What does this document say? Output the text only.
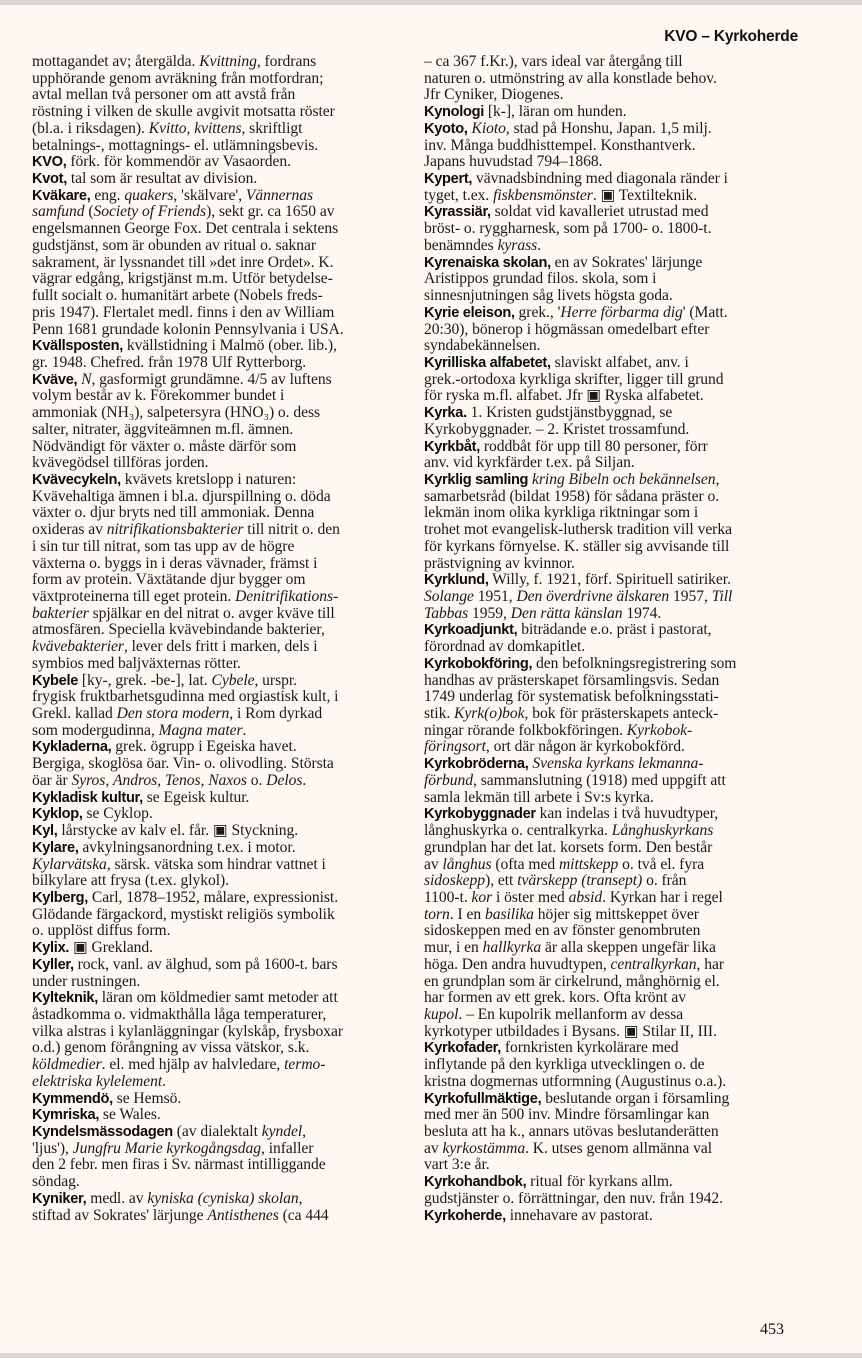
KVO – Kyrkoherde
mottagandet av; återgälda. Kvittning, fordrans
upphörande genom avräkning från motfordran;
avtal mellan två personer om att avstå från
röstning i vilken de skulle avgivit motsatta röster
(bl.a. i riksdagen). Kvitto, kvittens, skriftligt
betalnings-, mottagnings- el. utlämningsbevis.
KVO, förk. för kommendör av Vasaorden.
Kvot, tal som är resultat av division.
Kväkare, eng. quakers, 'skälvare', Vännernas
samfund (Society of Friends), sekt gr. ca 1650 av
engelsmannen George Fox. Det centrala i sektens
gudstjänst, som är obunden av ritual o. saknar
sakrament, är lyssnandet till »det inre Ordet». K.
vägrar edgång, krigstjänst m.m. Utför betydelse-
fullt socialt o. humanitärt arbete (Nobels freds-
pris 1947). Flertalet medl. finns i den av William
Penn 1681 grundade kolonin Pennsylvania i USA.
Kvällsposten, kvällstidning i Malmö (ober. lib.),
gr. 1948. Chefred. från 1978 Ulf Rytterborg.
Kväve, N, gasformigt grundämne. 4/5 av luftens
volym består av k. Förekommer bundet i
ammoniak (NH₃), salpetersyra (HNO₃) o. dess
salter, nitrater, äggviteämnen m.fl. ämnen.
Nödvändigt för växter o. måste därför som
kvävegödsel tillföras jorden.
Kvävecykeln, kvävets kretslopp i naturen:
Kvävehaltiga ämnen i bl.a. djurspillning o. döda
växter o. djur bryts ned till ammoniak. Denna
oxideras av nitrifikationsbakterier till nitrit o. den
i sin tur till nitrat, som tas upp av de högre
växterna o. byggs in i deras vävnader, främst i
form av protein. Växtätande djur bygger om
växtproteinerna till eget protein. Denitrifikations-
bakterier spjälkar en del nitrat o. avger kväve till
atmosfären. Speciella kvävebindande bakterier,
kvävebakterier, lever dels fritt i marken, dels i
symbios med baljväxternas rötter.
Kybele [ky-, grek. -be-], lat. Cybele, urspr.
frygisk fruktbarhetsgudinna med orgiastisk kult, i
Grekl. kallad Den stora modern, i Rom dyrkad
som modergudinna, Magna mater.
Kykladerna, grek. ögrupp i Egeiska havet.
Bergiga, skoglösa öar. Vin- o. olivodling. Största
öar är Syros, Andros, Tenos, Naxos o. Delos.
Kykladisk kultur, se Egeisk kultur.
Kyklop, se Cyklop.
Kyl, lårstycke av kalv el. får. ▣ Styckning.
Kylare, avkylningsanordning t.ex. i motor.
Kylarvätska, särsk. vätska som hindrar vattnet i
bilkylare att frysa (t.ex. glykol).
Kylberg, Carl, 1878–1952, målare, expressionist.
Glödande färgackord, mystiskt religiös symbolik
o. upplöst diffus form.
Kylix. ▣ Grekland.
Kyller, rock, vanl. av älghud, som på 1600-t. bars
under rustningen.
Kylteknik, läran om köldmedier samt metoder att
åstadkomma o. vidmakthålla låga temperaturer,
vilka alstras i kylanläggningar (kylskåp, frysboxar
o.d.) genom förångning av vissa vätskor, s.k.
köldmedier. el. med hjälp av halvledare, termo-
elektriska kylelement.
Kymmendö, se Hemsö.
Kymriska, se Wales.
Kyndelsmässodagen (av dialektalt kyndel,
'ljus'), Jungfru Marie kyrkogångsdag, infaller
den 2 febr. men firas i Sv. närmast intilliggande
söndag.
Kyniker, medl. av kyniska (cyniska) skolan,
stiftad av Sokrates' lärjunge Antisthenes (ca 444
– ca 367 f.Kr.), vars ideal var återgång till
naturen o. utmönstring av alla konstlade behov.
Jfr Cyniker, Diogenes.
Kynologi [k-], läran om hunden.
Kyoto, Kioto, stad på Honshu, Japan. 1,5 milj.
inv. Många buddhisttempel. Konsthantverk.
Japans huvudstad 794–1868.
Kypert, vävnadsbindning med diagonala ränder i
tyget, t.ex. fiskbensmönster. ▣ Textilteknik.
Kyrassiär, soldat vid kavalleriet utrustad med
bröst- o. ryggharnesk, som på 1700- o. 1800-t.
benämndes kyrass.
Kyrenaiska skolan, en av Sokrates' lärjunge
Aristippos grundad filos. skola, som i
sinnesnjutningen såg livets högsta goda.
Kyrie eleison, grek., 'Herre förbarma dig' (Matt.
20:30), bönerop i högmässan omedelbart efter
syndabekännelsen.
Kyrilliska alfabetet, slaviskt alfabet, anv. i
grek.-ortodoxa kyrkliga skrifter, ligger till grund
för ryska m.fl. alfabet. Jfr ▣ Ryska alfabetet.
Kyrka. 1. Kristen gudstjänstbyggnad, se
Kyrkobyggnader. – 2. Kristet trossamfund.
Kyrkbåt, roddbåt för upp till 80 personer, förr
anv. vid kyrkfärder t.ex. på Siljan.
Kyrklig samling kring Bibeln och bekännelsen,
samarbetsråd (bildat 1958) för sådana präster o.
lekmän inom olika kyrkliga riktningar som i
trohet mot evangelisk-luthersk tradition vill verka
för kyrkans förnyelse. K. ställer sig avvisande till
prästvigning av kvinnor.
Kyrklund, Willy, f. 1921, förf. Spirituell satiriker.
Solange 1951, Den överdrivne älskaren 1957, Till
Tabbas 1959, Den rätta känslan 1974.
Kyrkoadjunkt, biträdande e.o. präst i pastorat,
förordnad av domkapitlet.
Kyrkobokföring, den befolkningsregistrering som
handhas av prästerskapet församlingsvis. Sedan
1749 underlag för systematisk befolkningsstati-
stik. Kyrk(o)bok, bok för prästerskapets anteck-
ningar rörande folkbokföringen. Kyrkobok-
föringsort, ort där någon är kyrkobokförd.
Kyrkobröderna, Svenska kyrkans lekmanna-
förbund, sammanslutning (1918) med uppgift att
samla lekmän till arbete i Sv:s kyrka.
Kyrkobyggnader kan indelas i två huvudtyper,
långhuskyrka o. centralkyrka. Långhuskyrkans
grundplan har det lat. korsets form. Den består
av långhus (ofta med mittskepp o. två el. fyra
sidoskepp), ett tvärskepp (transept) o. från
1100-t. kor i öster med absid. Kyrkan har i regel
torn. I en basilika höjer sig mittskeppet över
sidoskeppen med en av fönster genombruten
mur, i en hallkyrka är alla skeppen ungefär lika
höga. Den andra huvudtypen, centralkyrkan, har
en grundplan som är cirkelrund, månghörnig el.
har formen av ett grek. kors. Ofta krönt av
kupol. – En kupolrik mellanform av dessa
kyrkotyper utbildades i Bysans. ▣ Stilar II, III.
Kyrkofader, fornkristen kyrkolärare med
inflytande på den kyrkliga utvecklingen o. de
kristna dogmernas utformning (Augustinus o.a.).
Kyrkofullmäktige, beslutande organ i församling
med mer än 500 inv. Mindre församlingar kan
besluta att ha k., annars utövas beslutanderätten
av kyrkostämma. K. utses genom allmänna val
vart 3:e år.
Kyrkohandbok, ritual för kyrkans allm.
gudstjänster o. förrättningar, den nuv. från 1942.
Kyrkoherde, innehavare av pastorat.
453
